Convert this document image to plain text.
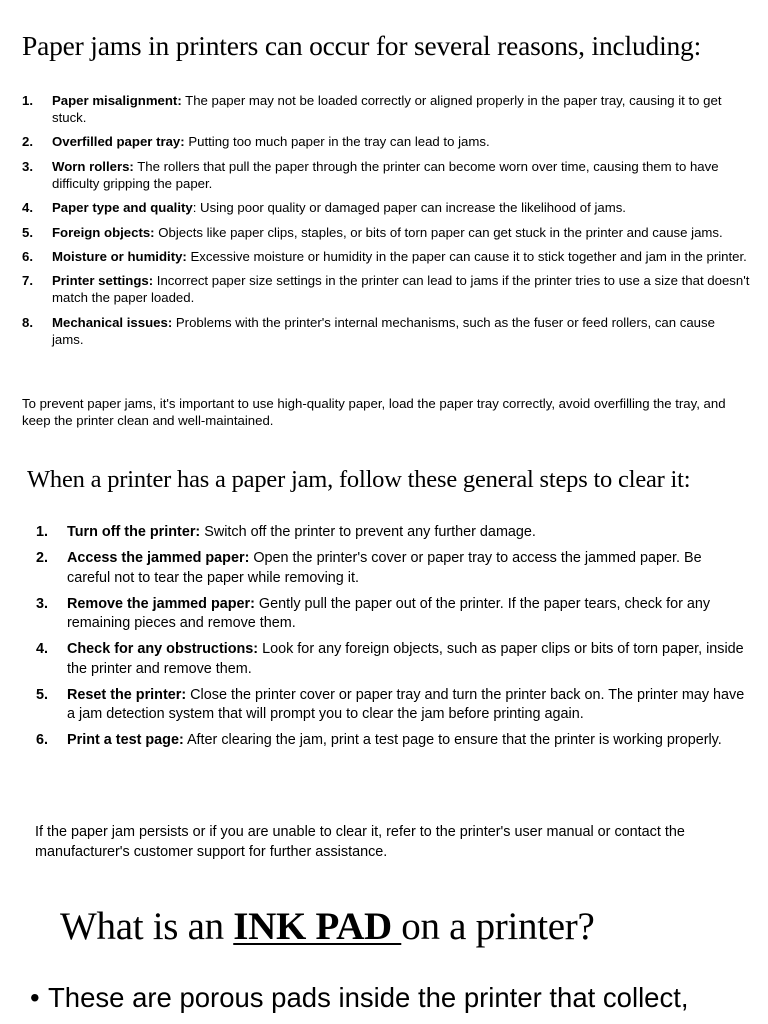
Paper jams in printers can occur for several reasons, including:
1. Paper misalignment: The paper may not be loaded correctly or aligned properly in the paper tray, causing it to get stuck.
2. Overfilled paper tray: Putting too much paper in the tray can lead to jams.
3. Worn rollers: The rollers that pull the paper through the printer can become worn over time, causing them to have difficulty gripping the paper.
4. Paper type and quality: Using poor quality or damaged paper can increase the likelihood of jams.
5. Foreign objects: Objects like paper clips, staples, or bits of torn paper can get stuck in the printer and cause jams.
6. Moisture or humidity: Excessive moisture or humidity in the paper can cause it to stick together and jam in the printer.
7. Printer settings: Incorrect paper size settings in the printer can lead to jams if the printer tries to use a size that doesn't match the paper loaded.
8. Mechanical issues: Problems with the printer's internal mechanisms, such as the fuser or feed rollers, can cause jams.

To prevent paper jams, it's important to use high-quality paper, load the paper tray correctly, avoid overfilling the tray, and keep the printer clean and well-maintained.

When a printer has a paper jam, follow these general steps to clear it:
1. Turn off the printer: Switch off the printer to prevent any further damage.
2. Access the jammed paper: Open the printer's cover or paper tray to access the jammed paper. Be careful not to tear the paper while removing it.
3. Remove the jammed paper: Gently pull the paper out of the printer. If the paper tears, check for any remaining pieces and remove them.
4. Check for any obstructions: Look for any foreign objects, such as paper clips or bits of torn paper, inside the printer and remove them.
5. Reset the printer: Close the printer cover or paper tray and turn the printer back on. The printer may have a jam detection system that will prompt you to clear the jam before printing again.
6. Print a test page: After clearing the jam, print a test page to ensure that the printer is working properly.

If the paper jam persists or if you are unable to clear it, refer to the printer's user manual or contact the manufacturer's customer support for further assistance.

What is an INK PAD on a printer?

• These are porous pads inside the printer that collect,
